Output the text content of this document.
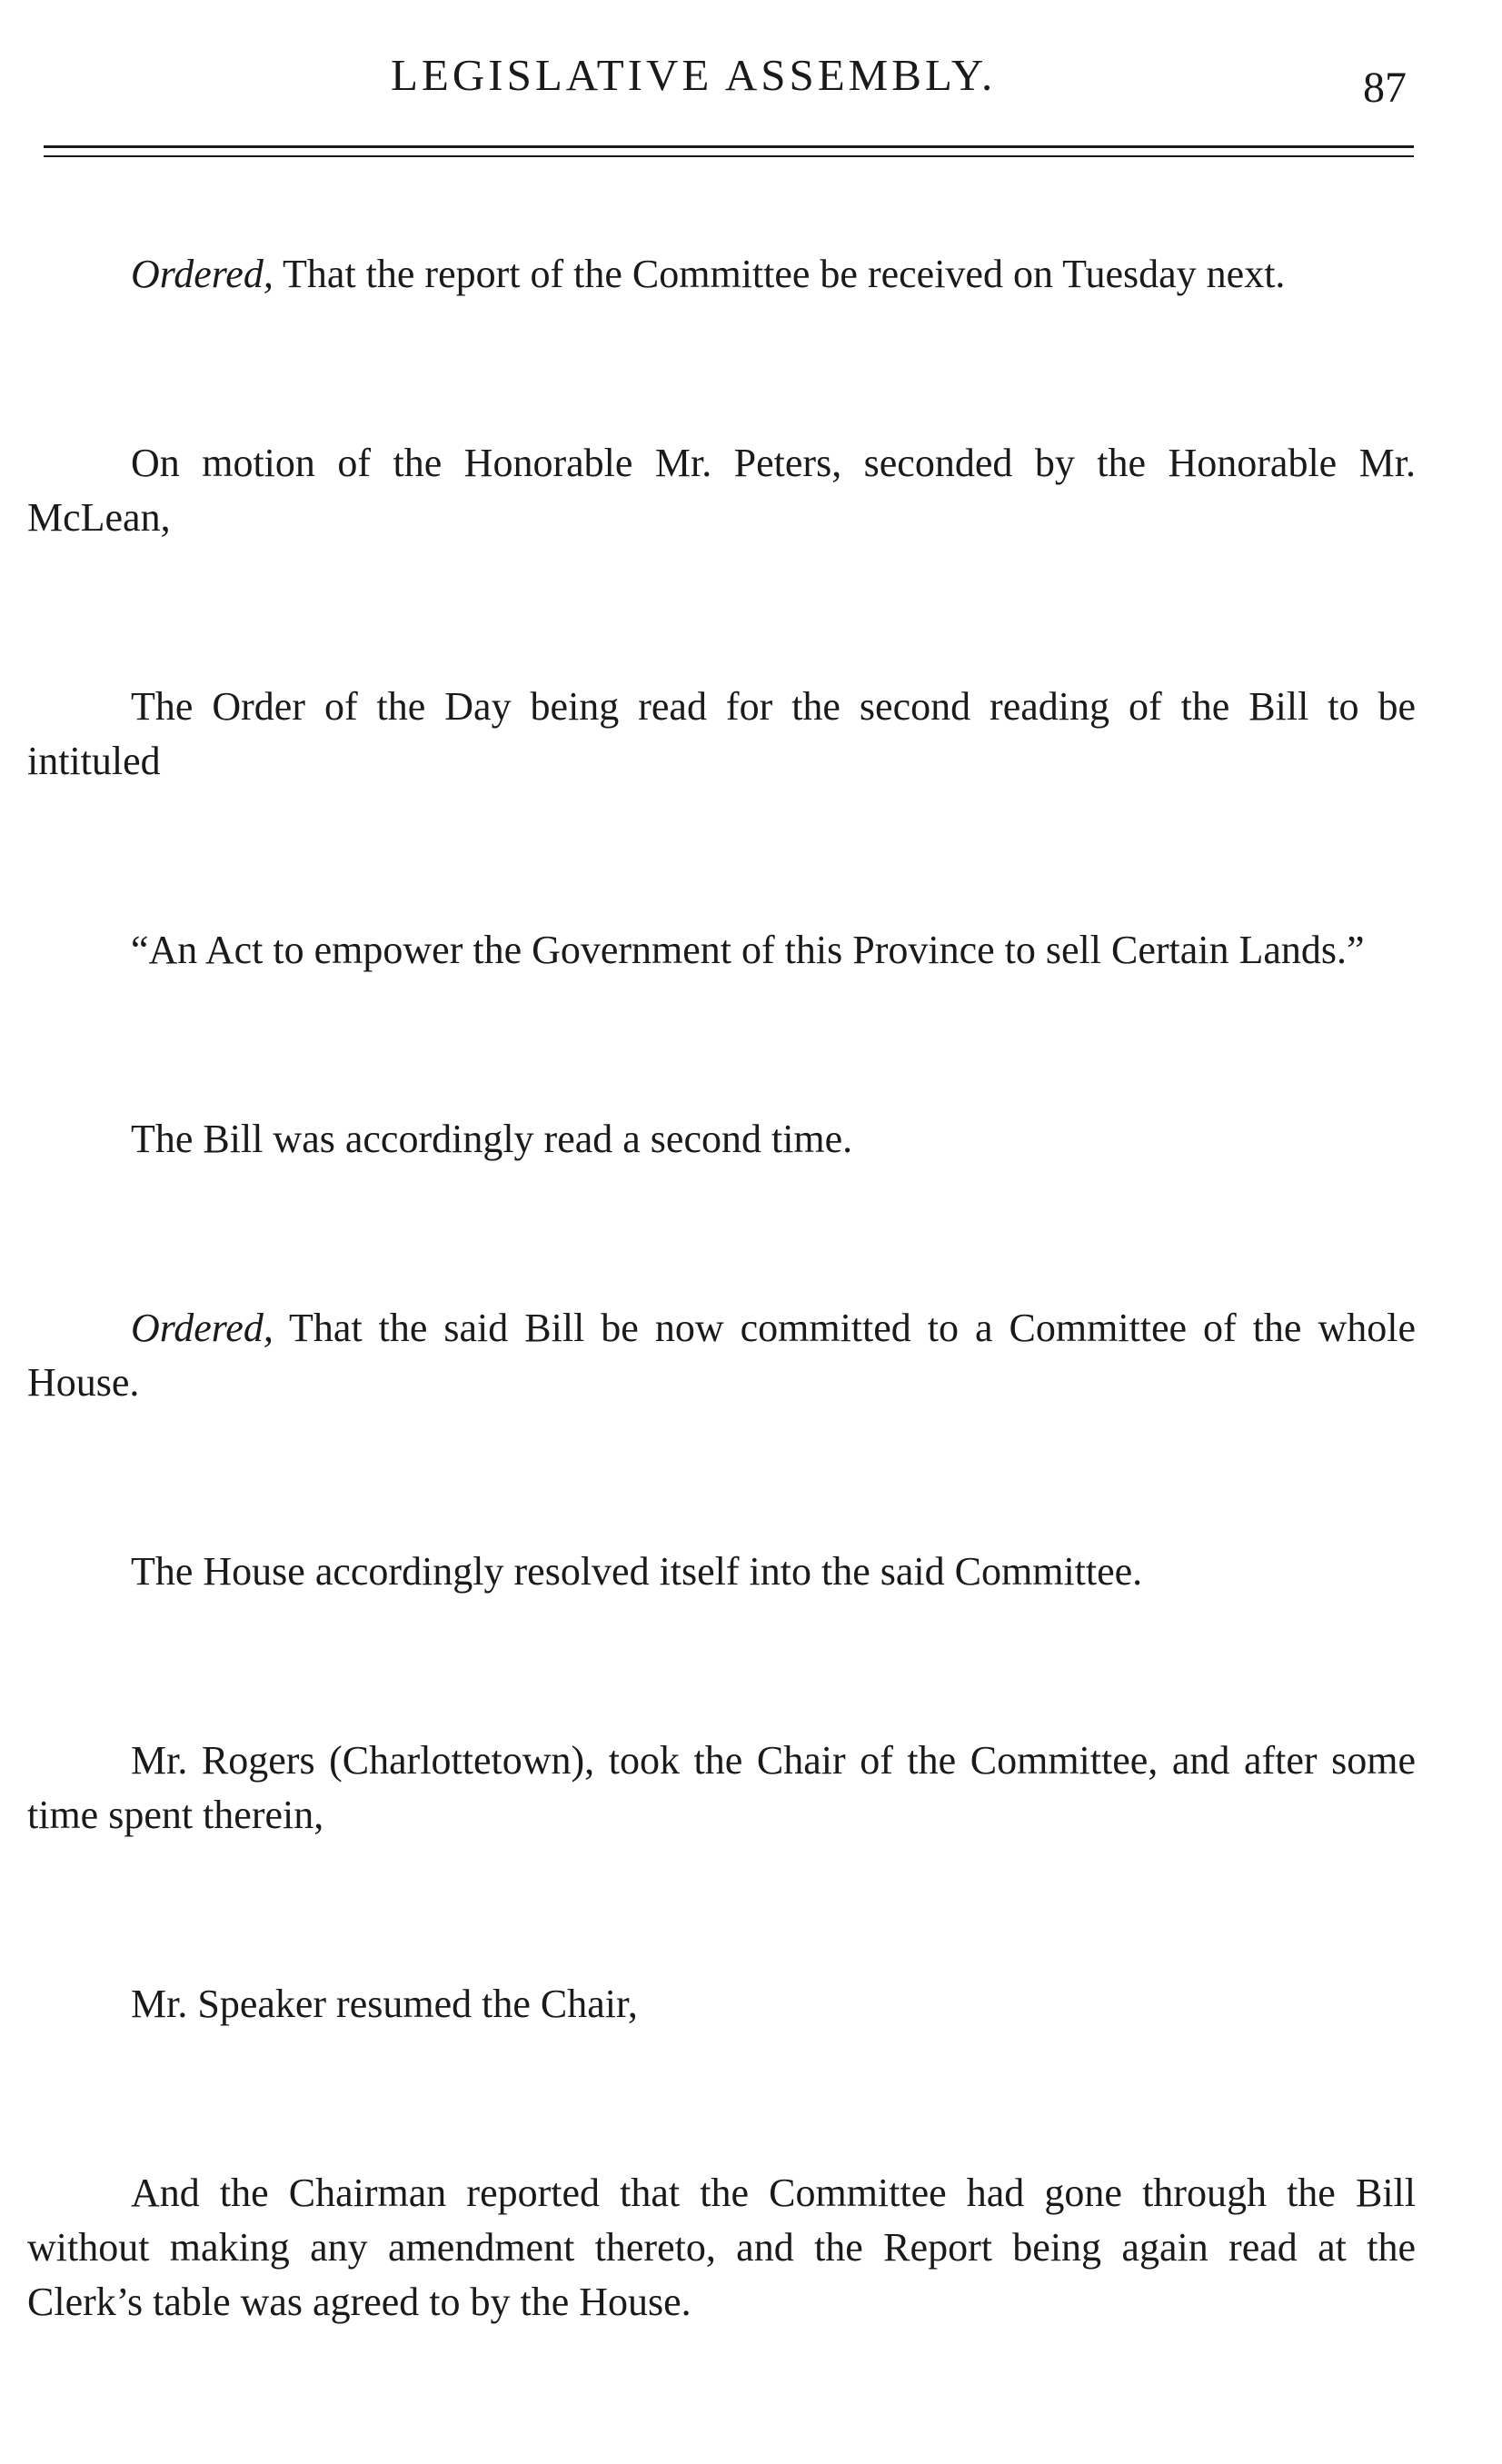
LEGISLATIVE ASSEMBLY.	87

Ordered, That the report of the Committee be received on Tuesday next.

On motion of the Honorable Mr. Peters, seconded by the Honorable Mr. McLean,

The Order of the Day being read for the second reading of the Bill to be intituled

“An Act to empower the Government of this Province to sell Certain Lands.”

The Bill was accordingly read a second time.

Ordered, That the said Bill be now committed to a Committee of the whole House.

The House accordingly resolved itself into the said Committee.

Mr. Rogers (Charlottetown), took the Chair of the Committee, and after some time spent therein,

Mr. Speaker resumed the Chair,

And the Chairman reported that the Committee had gone through the Bill without making any amendment thereto, and the Report being again read at the Clerk’s table was agreed to by the House.
